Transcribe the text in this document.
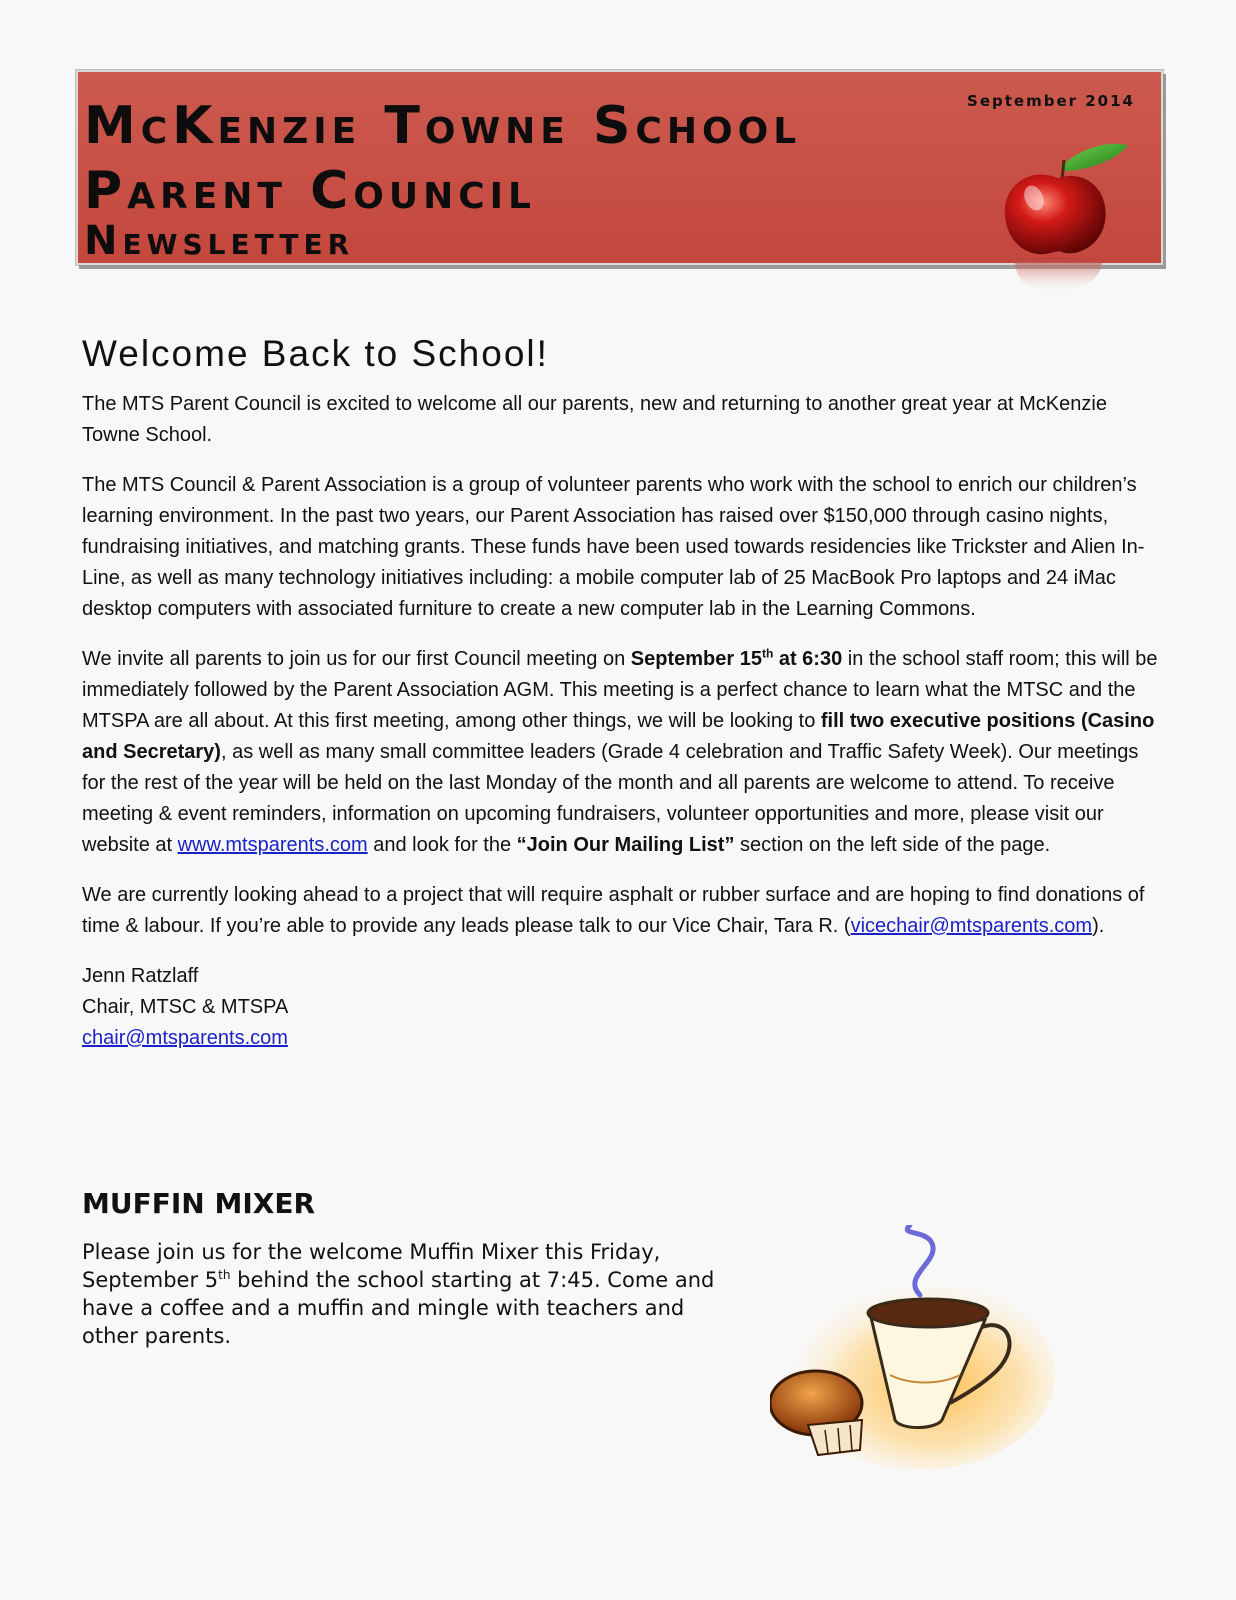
McKenzie Towne School
Parent Council
Newsletter
September 2014
Welcome Back to School!

The MTS Parent Council is excited to welcome all our parents, new and returning to another great year at McKenzie Towne School.

The MTS Council & Parent Association is a group of volunteer parents who work with the school to enrich our children’s learning environment. In the past two years, our Parent Association has raised over $150,000 through casino nights, fundraising initiatives, and matching grants. These funds have been used towards residencies like Trickster and Alien In-Line, as well as many technology initiatives including: a mobile computer lab of 25 MacBook Pro laptops and 24 iMac desktop computers with associated furniture to create a new computer lab in the Learning Commons.

We invite all parents to join us for our first Council meeting on September 15th at 6:30 in the school staff room; this will be immediately followed by the Parent Association AGM. This meeting is a perfect chance to learn what the MTSC and the MTSPA are all about. At this first meeting, among other things, we will be looking to fill two executive positions (Casino and Secretary), as well as many small committee leaders (Grade 4 celebration and Traffic Safety Week). Our meetings for the rest of the year will be held on the last Monday of the month and all parents are welcome to attend. To receive meeting & event reminders, information on upcoming fundraisers, volunteer opportunities and more, please visit our website at www.mtsparents.com and look for the “Join Our Mailing List” section on the left side of the page.

We are currently looking ahead to a project that will require asphalt or rubber surface and are hoping to find donations of time & labour. If you’re able to provide any leads please talk to our Vice Chair, Tara R. (vicechair@mtsparents.com).

Jenn Ratzlaff

Chair, MTSC & MTSPA

chair@mtsparents.com

MUFFIN MIXER

Please join us for the welcome Muffin Mixer this Friday, September 5th behind the school starting at 7:45. Come and have a coffee and a muffin and mingle with teachers and other parents.
